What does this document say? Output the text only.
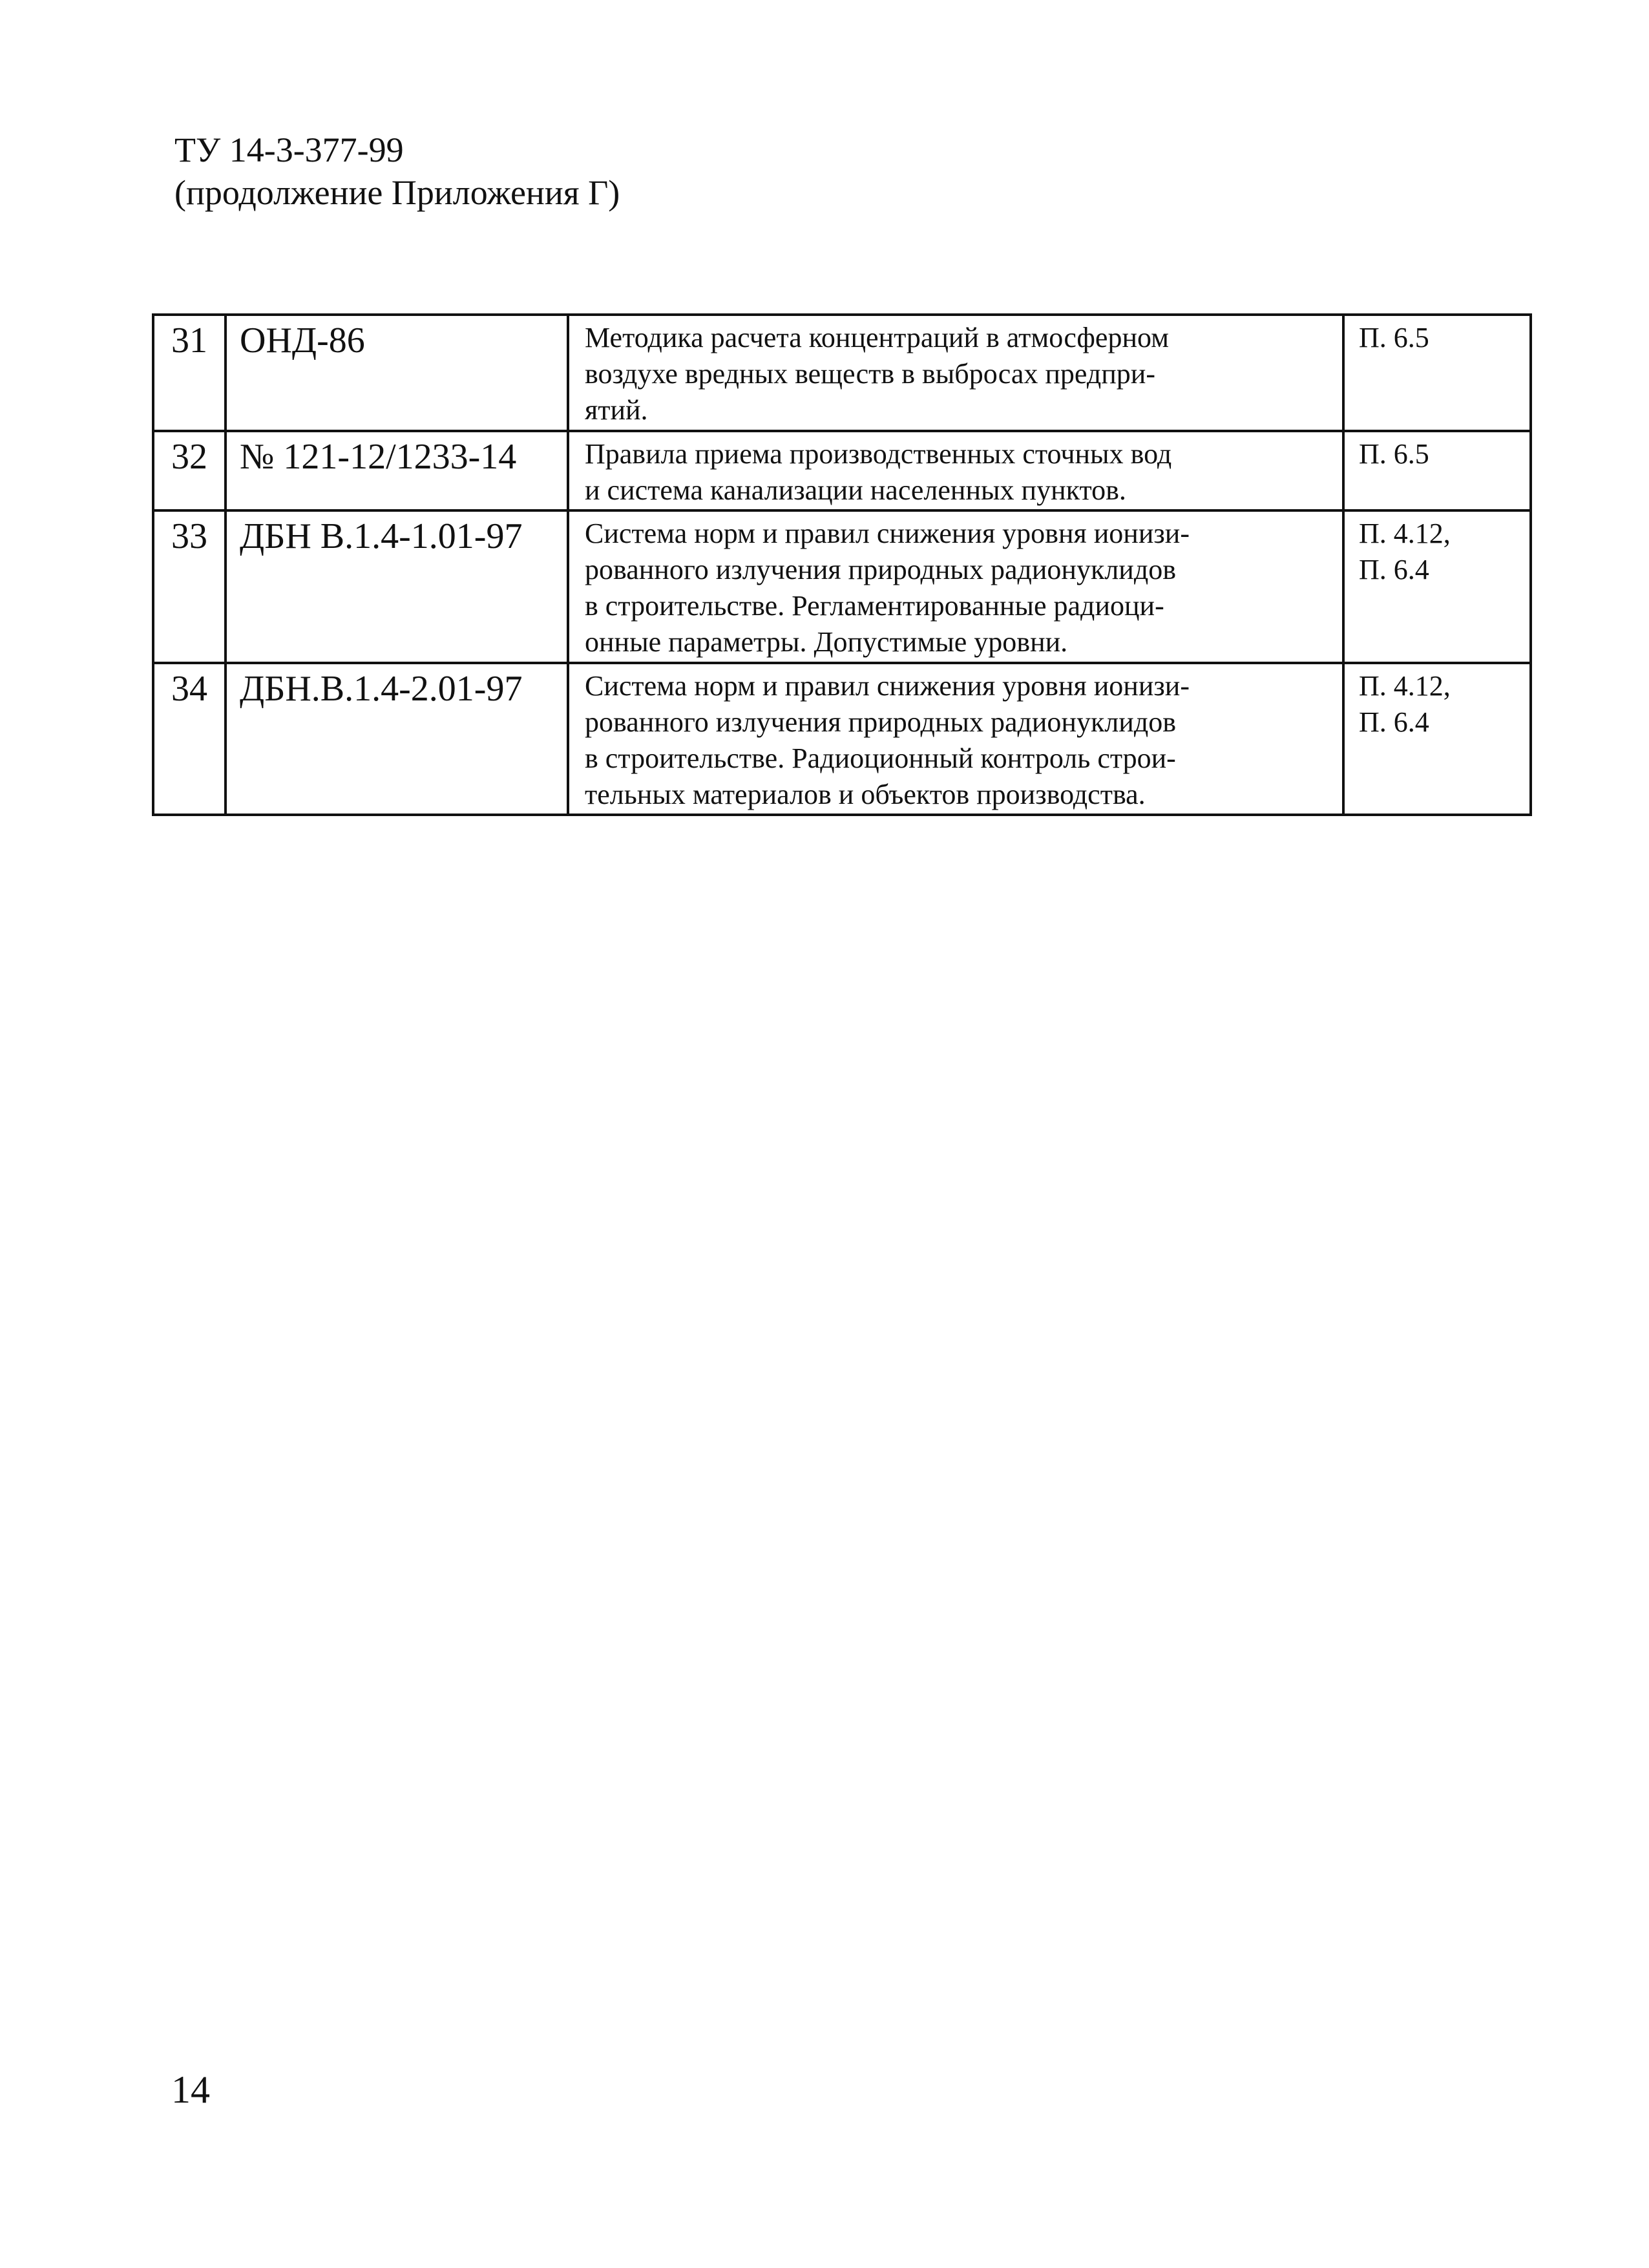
ТУ 14-3-377-99
(продолжение Приложения Г)
31	ОНД-86	Методика расчета концентраций в атмосферном
воздухе вредных веществ в выбросах предпри-
ятий.	П. 6.5

32	№ 121-12/1233-14	Правила приема производственных сточных вод
и система канализации населенных пунктов.	П. 6.5

33	ДБН В.1.4-1.01-97	Система норм и правил снижения уровня ионизи-
рованного излучения природных радионуклидов
в строительстве. Регламентированные радиоци-
онные параметры. Допустимые уровни.	П. 4.12,
П. 6.4

34	ДБН.В.1.4-2.01-97	Система норм и правил снижения уровня ионизи-
рованного излучения природных радионуклидов
в строительстве. Радиоционный контроль строи-
тельных материалов и объектов производства.	П. 4.12,
П. 6.4
14
